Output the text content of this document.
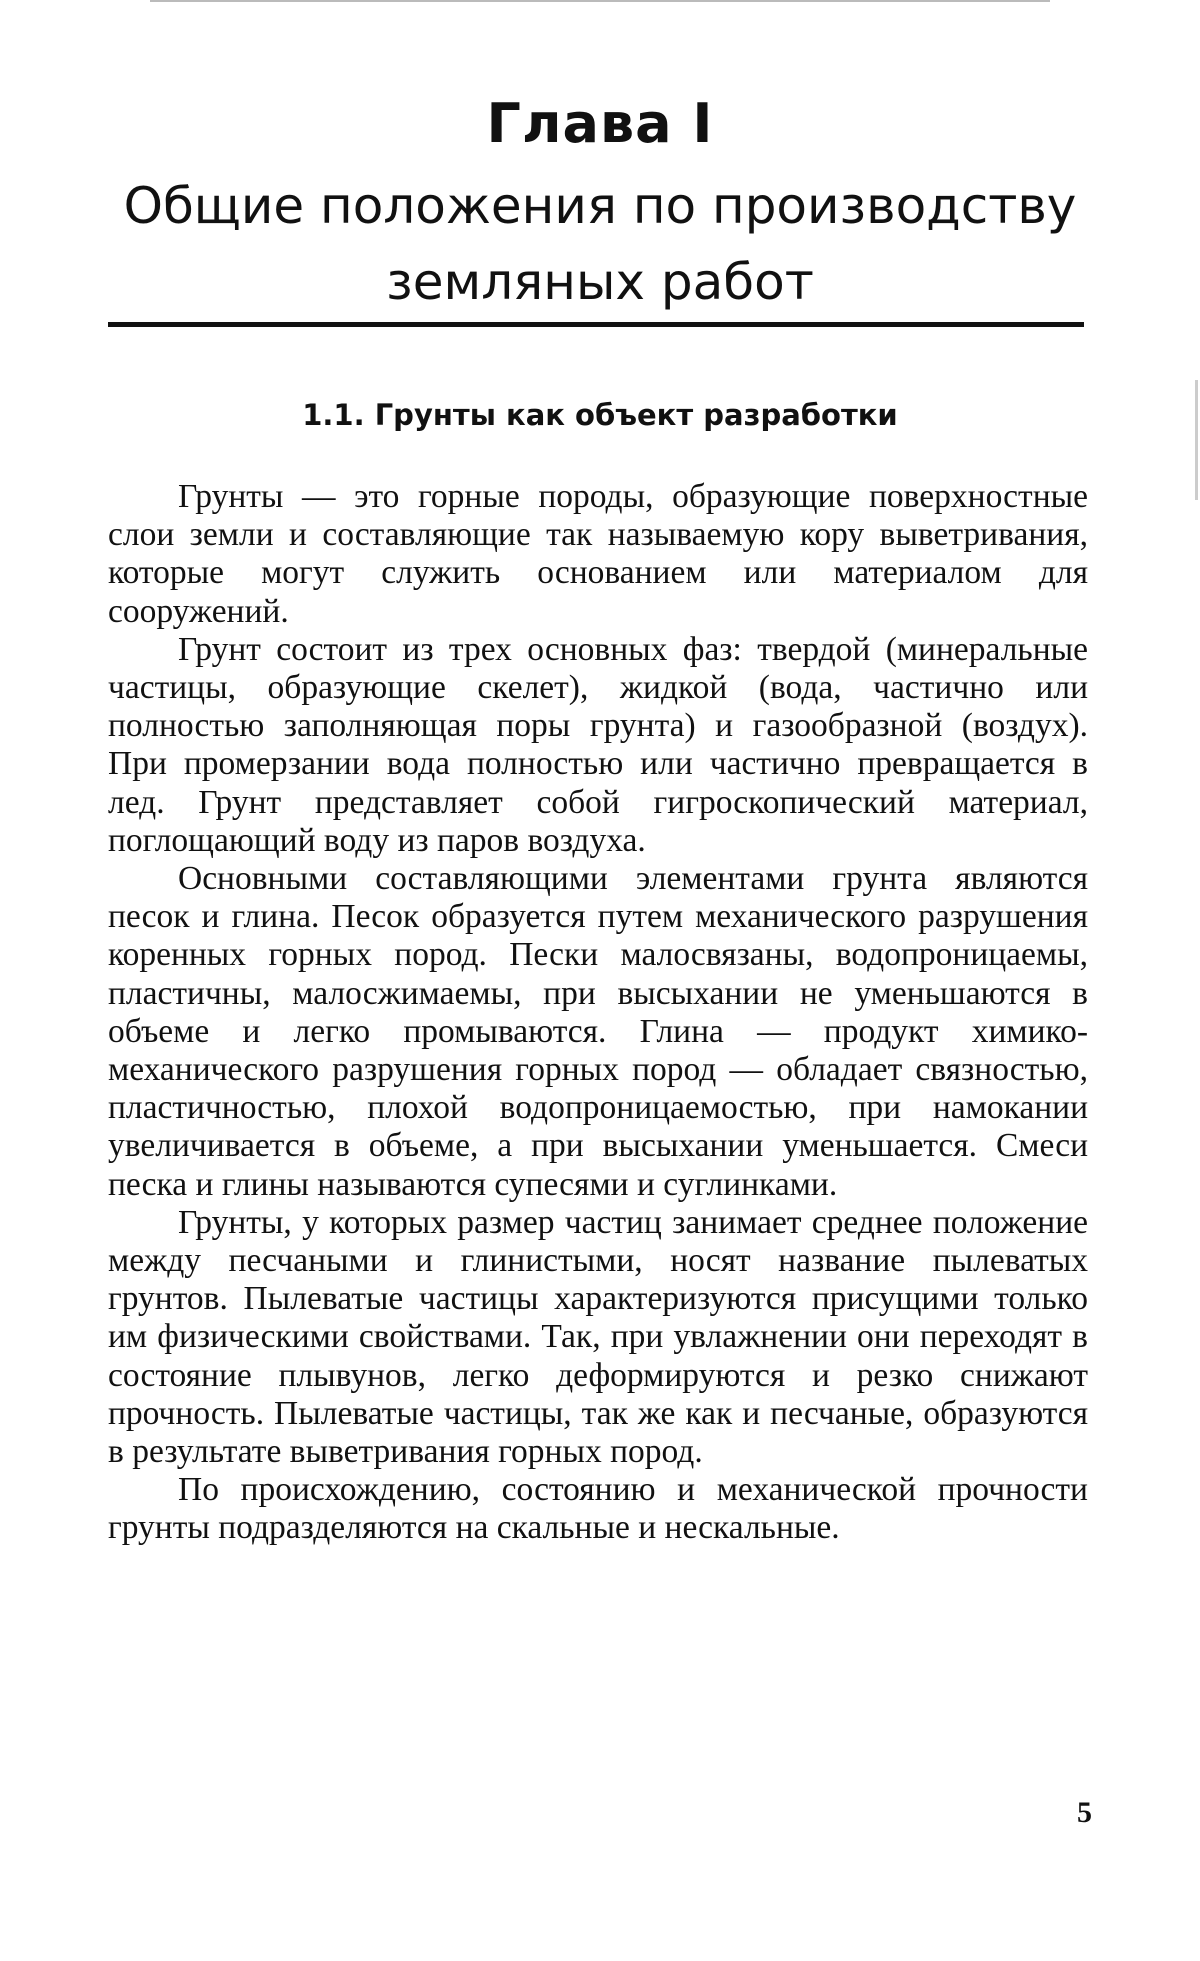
Глава I
Общие положения по производству
земляных работ
1.1. Грунты как объект разработки

Грунты — это горные породы, образующие поверхностные слои земли и составляющие так называемую кору выветривания, которые могут служить основанием или материалом для сооружений.

Грунт состоит из трех основных фаз: твердой (минеральные частицы, образующие скелет), жидкой (вода, частично или полностью заполняющая поры грунта) и газообразной (воздух). При промерзании вода полностью или частично превращается в лед. Грунт представляет собой гигроскопический материал, поглощающий воду из паров воздуха.

Основными составляющими элементами грунта являются песок и глина. Песок образуется путем механического разрушения коренных горных пород. Пески малосвязаны, водопроницаемы, пластичны, малосжимаемы, при высыхании не уменьшаются в объеме и легко промываются. Глина — продукт химико-механического разрушения горных пород — обладает связностью, пластичностью, плохой водопроницаемостью, при намокании увеличивается в объеме, а при высыхании уменьшается. Смеси песка и глины называются супесями и суглинками.

Грунты, у которых размер частиц занимает среднее положение между песчаными и глинистыми, носят название пылеватых грунтов. Пылеватые частицы характеризуются присущими только им физическими свойствами. Так, при увлажнении они переходят в состояние плывунов, легко деформируются и резко снижают прочность. Пылеватые частицы, так же как и песчаные, образуются в результате выветривания горных пород.

По происхождению, состоянию и механической прочности грунты подразделяются на скальные и нескальные.

5
